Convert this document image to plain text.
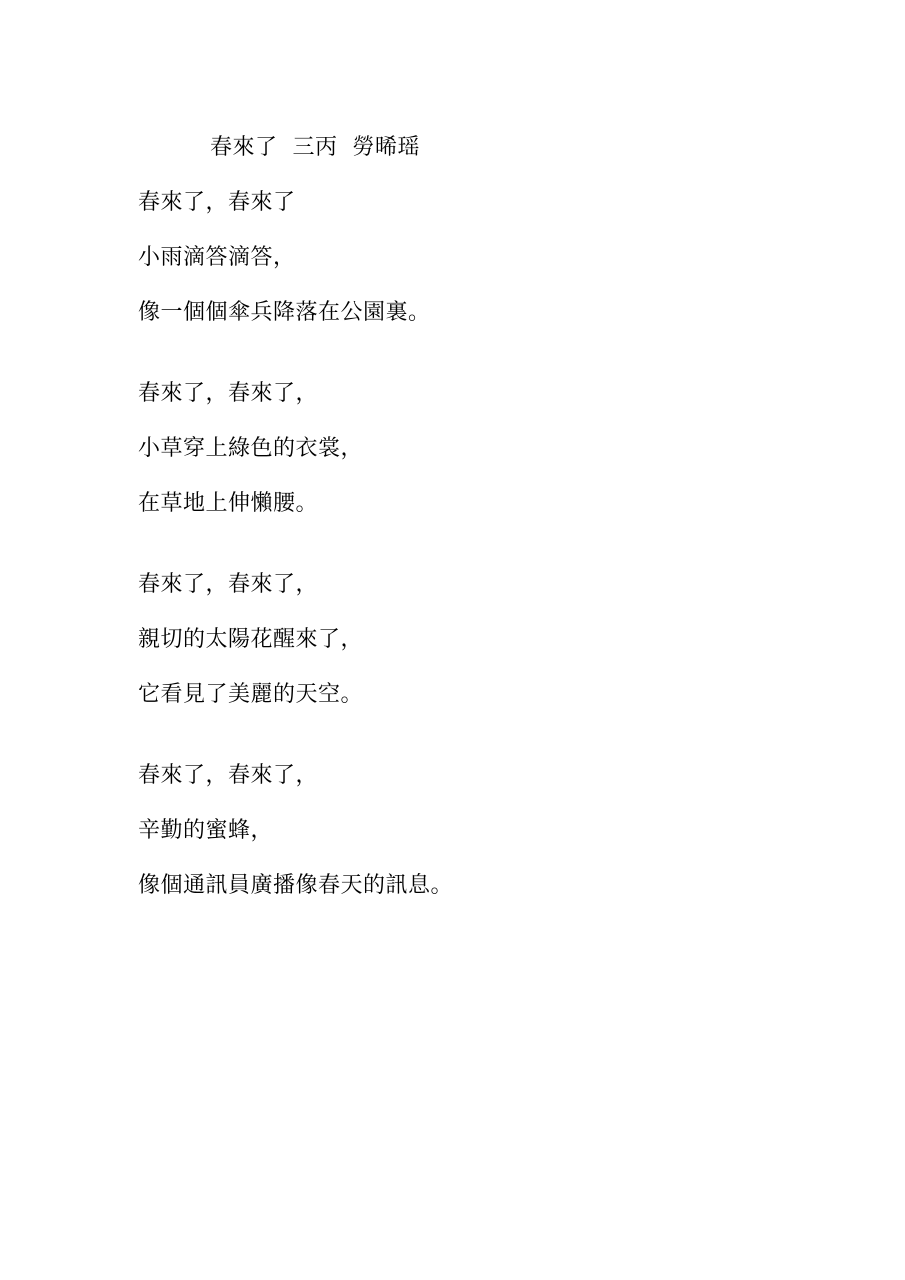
春來了  三丙  勞晞瑶
春來了，春來了
小雨滴答滴答，
像一個個傘兵降落在公園裏。
春來了，春來了，
小草穿上綠色的衣裳，
在草地上伸懶腰。
春來了，春來了，
親切的太陽花醒來了，
它看見了美麗的天空。
春來了，春來了，
辛勤的蜜蜂，
像個通訊員廣播像春天的訊息。
